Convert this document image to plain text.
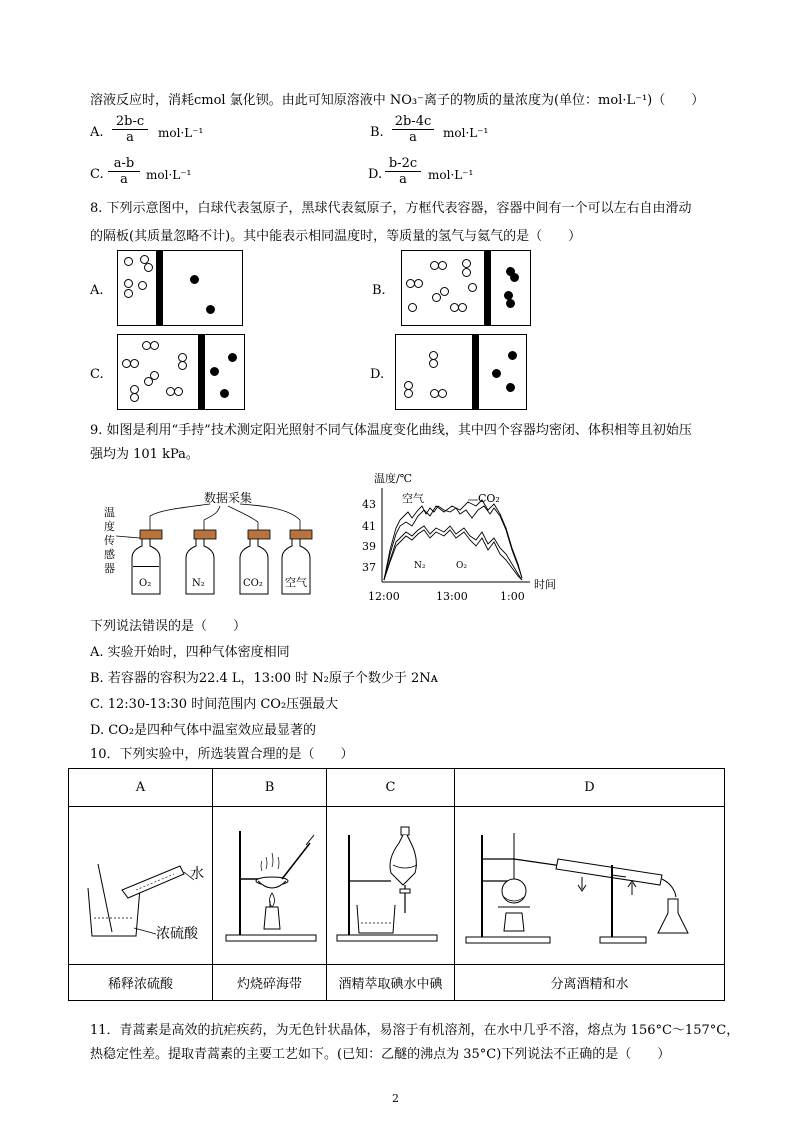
溶液反应时，消耗cmol 氯化钡。由此可知原溶液中 NO₃⁻离子的物质的量浓度为(单位：mol·L⁻¹)（　　）
A. $\frac{2b-c}{a} mol\cdot L^{-1}$	B. $\frac{2b-4c}{a} mol\cdot L^{-1}$
C. $\frac{a-b}{a} mol\cdot L^{-1}$	D. $\frac{b-2c}{a} mol\cdot L^{-1}$
8. 下列示意图中，白球代表氢原子，黑球代表氦原子，方框代表容器，容器中间有一个可以左右自由滑动
的隔板(其质量忽略不计)。其中能表示相同温度时，等质量的氢气与氦气的是（　　）
A.	B.
C.	D.
9. 如图是利用“手持”技术测定阳光照射不同气体温度变化曲线，其中四个容器均密闭、体积相等且初始压
强均为 101 kPa。
数据采集
温
度
传
感
器
O₂	N₂	CO₂ 空气
温度/℃
43
41
39
37
12:00	13:00	1:00
时间
空气	CO₂
N₂	O₂
下列说法错误的是（　　）
A. 实验开始时，四种气体密度相同
B. 若容器的容积为22.4 L，13:00 时 N₂原子个数少于 2Nᴀ
C. 12:30-13:30 时间范围内 CO₂压强最大
D. CO₂是四种气体中温室效应最显著的
10．下列实验中，所选装置合理的是（　　）
A	B	C	D

水
浓硫酸

稀释浓硫酸	灼烧碎海带	酒精萃取碘水中碘	分离酒精和水
11．青蒿素是高效的抗疟疾药，为无色针状晶体，易溶于有机溶剂，在水中几乎不溶，熔点为 156°C～157°C，
热稳定性差。提取青蒿素的主要工艺如下。(已知：乙醚的沸点为 35°C)下列说法不正确的是（　　）
2
